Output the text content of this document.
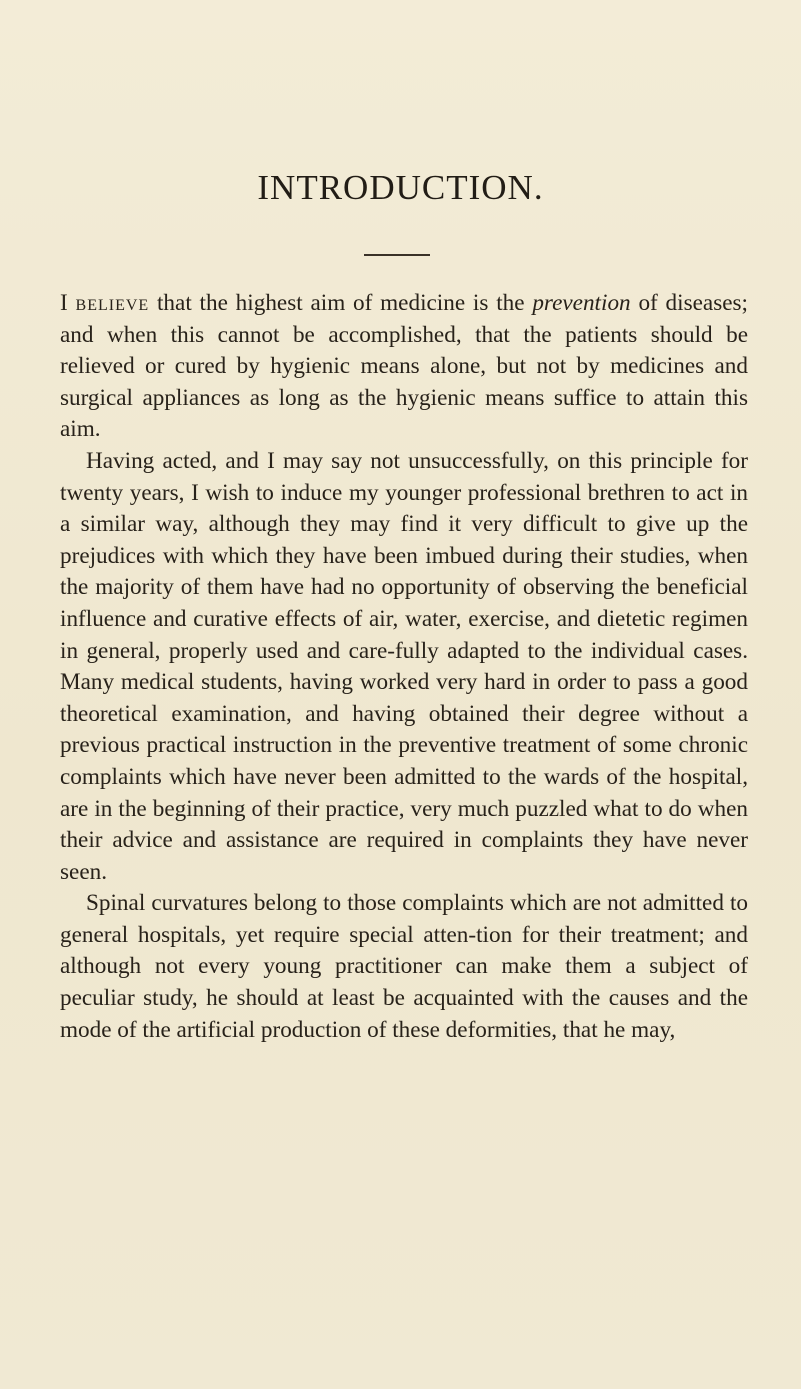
INTRODUCTION.

I believe that the highest aim of medicine is the prevention of diseases; and when this cannot be accomplished, that the patients should be relieved or cured by hygienic means alone, but not by medicines and surgical appliances as long as the hygienic means suffice to attain this aim.

Having acted, and I may say not unsuccessfully, on this principle for twenty years, I wish to induce my younger professional brethren to act in a similar way, although they may find it very difficult to give up the prejudices with which they have been imbued during their studies, when the majority of them have had no opportunity of observing the beneficial influence and curative effects of air, water, exercise, and dietetic regimen in general, properly used and care-fully adapted to the individual cases. Many medical students, having worked very hard in order to pass a good theoretical examination, and having obtained their degree without a previous practical instruction in the preventive treatment of some chronic complaints which have never been admitted to the wards of the hospital, are in the beginning of their practice, very much puzzled what to do when their advice and assistance are required in complaints they have never seen.

Spinal curvatures belong to those complaints which are not admitted to general hospitals, yet require special atten-tion for their treatment; and although not every young practitioner can make them a subject of peculiar study, he should at least be acquainted with the causes and the mode of the artificial production of these deformities, that he may,
